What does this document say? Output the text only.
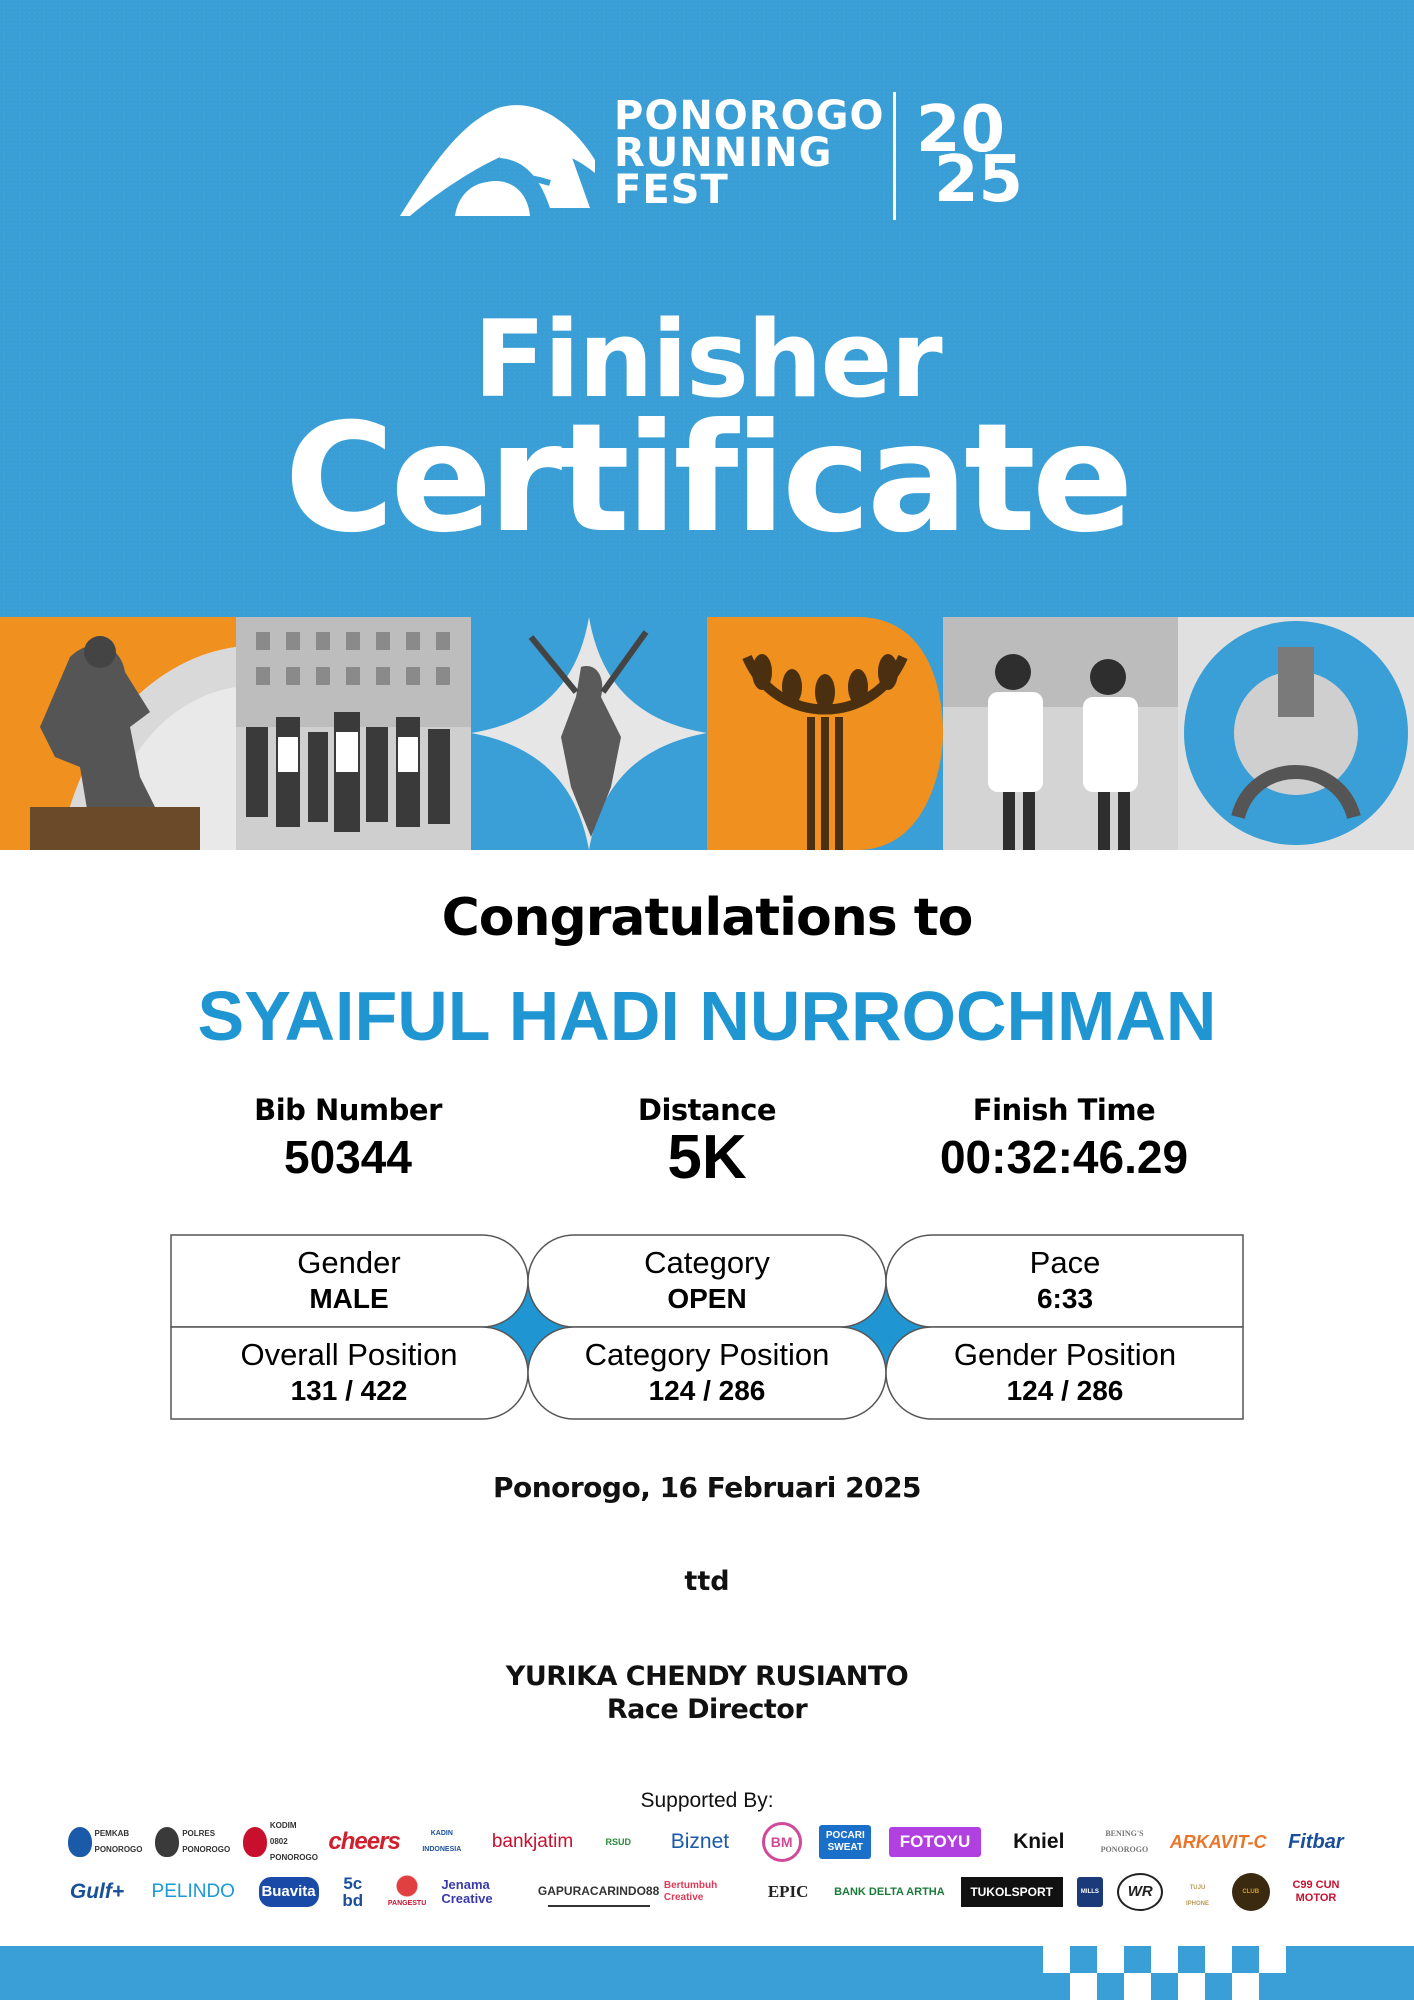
PONOROGO
RUNNING
FEST
20
25
Finisher
Certificate
Congratulations to
SYAIFUL HADI NURROCHMAN
Bib Number
50344
Distance
5K
Finish Time
00:32:46.29
Gender
MALE
Category
OPEN
Pace
6:33
Overall Position
131 / 422
Category Position
124 / 286
Gender Position
124 / 286
Ponorogo, 16 Februari 2025
ttd
YURIKA CHENDY RUSIANTO
Race Director
Supported By:
PEMKAB PONOROGO
POLRES PONOROGO
KODIM 0802 PONOROGO
cheers	KADIN INDONESIA	bankjatim	RSUD	Biznet	BM	POCARI SWEAT	FOTOYU	Kniel	BENING'S PONOROGO ARKAVIT-C Fitbar
Gulf+	PELINDO	Buavita	5c bd	PANGESTU
Jenama Creative	GAPURACARINDO88 Bertumbuh Creative	EPIC	BANK DELTA ARTHA	TUKOLSPORT	MILLS	WR	TUJU IPHONE
CLUB
C99 CUN MOTOR
